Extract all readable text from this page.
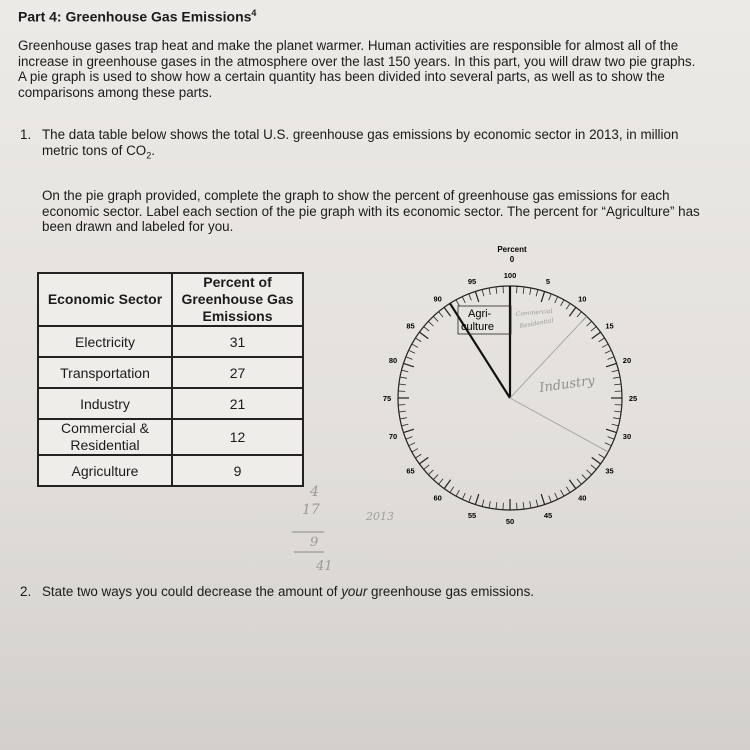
Part 4: Greenhouse Gas Emissions$^4$
Greenhouse gases trap heat and make the planet warmer. Human activities are responsible for almost all of the increase in greenhouse gases in the atmosphere over the last 150 years. In this part, you will draw two pie graphs. A pie graph is used to show how a certain quantity has been divided into several parts, as well as to show the comparisons among these parts.
1. The data table below shows the total U.S. greenhouse gas emissions by economic sector in 2013, in million metric tons of $CO_2$.
On the pie graph provided, complete the graph to show the percent of greenhouse gas emissions for each economic sector. Label each section of the pie graph with its economic sector. The percent for “Agriculture” has been drawn and labeled for you.
Economic Sector	Percent of Greenhouse Gas Emissions
Electricity	31
Transportation	27
Industry	21
Commercial & Residential	12
Agriculture	9
Percent
0
100
5
10
15
20
25
30
35
40
45
50
55
60
65
70
75
80
85
90
95
Agri-
culture
Commercial
Residential
Industry
4
17
9
41
2013
2. State two ways you could decrease the amount of your greenhouse gas emissions.
